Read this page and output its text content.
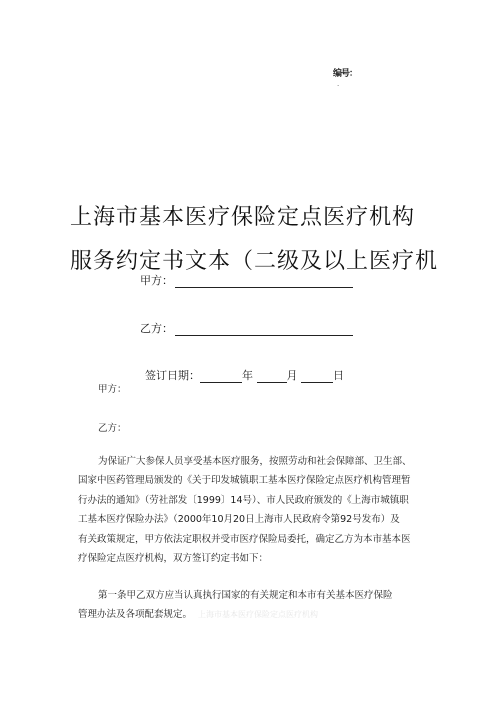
编号：
·
上海市基本医疗保险定点医疗机构
服务约定书文本（二级及以上医疗机
甲方：
乙方：
签订日期：	年	月	日
甲方：
乙方：
为保证广大参保人员享受基本医疗服务，按照劳动和社会保障部、卫生部、
国家中医药管理局颁发的《关于印发城镇职工基本医疗保险定点医疗机构管理暂
行办法的通知》（劳社部发〔1999〕14号）、市人民政府颁发的《上海市城镇职
工基本医疗保险办法》（2000年10月20日上海市人民政府令第92号发布）及
有关政策规定，甲方依法定职权并受市医疗保险局委托，确定乙方为本市基本医
疗保险定点医疗机构，双方签订约定书如下：
第一条甲乙双方应当认真执行国家的有关规定和本市有关基本医疗保险
管理办法及各项配套规定。 上海市基本医疗保险定点医疗机构
